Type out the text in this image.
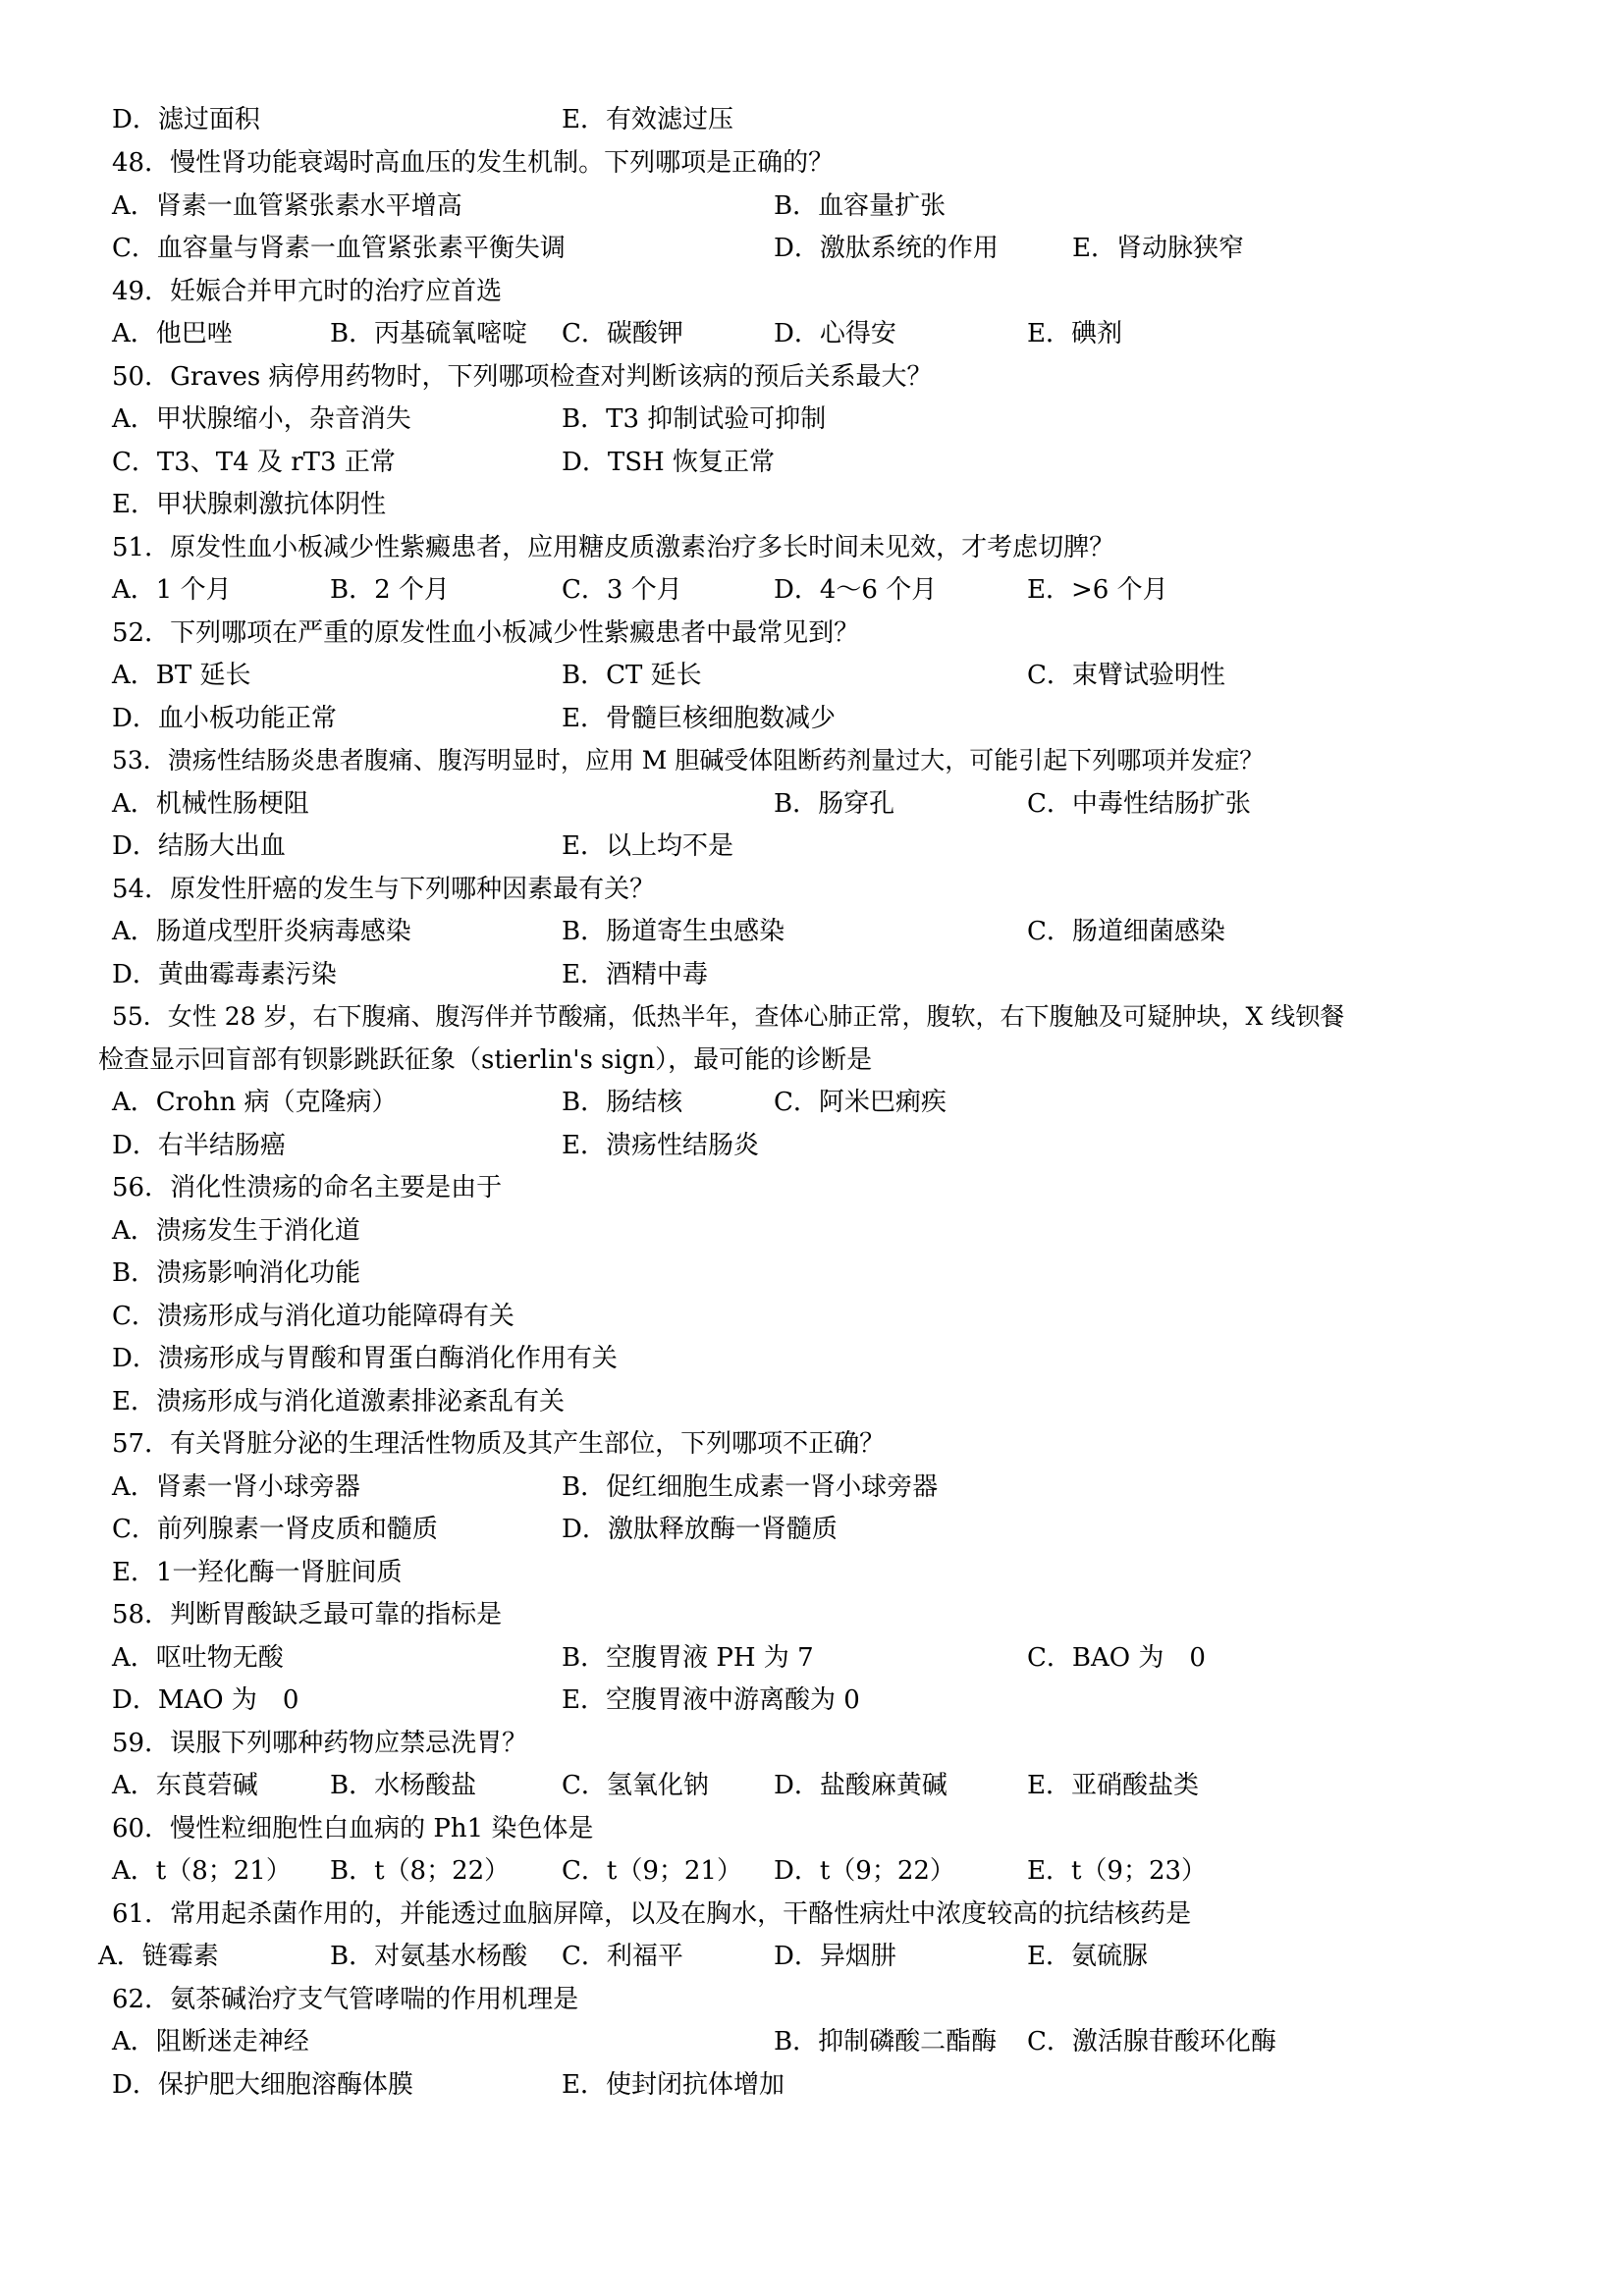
D．滤过面积	E．有效滤过压
48．慢性肾功能衰竭时高血压的发生机制。下列哪项是正确的？
A．肾素一血管紧张素水平增高	B．血容量扩张
C．血容量与肾素一血管紧张素平衡失调	D．激肽系统的作用	E．肾动脉狭窄
49．妊娠合并甲亢时的治疗应首选
A．他巴唑	B．丙基硫氧嘧啶 C．碳酸钾	D．心得安	E．碘剂
50．Graves 病停用药物时，下列哪项检查对判断该病的预后关系最大？
A．甲状腺缩小，杂音消失	B．T3 抑制试验可抑制
C．T3、T4 及 rT3 正常	D．TSH 恢复正常
E．甲状腺刺激抗体阴性
51．原发性血小板减少性紫癜患者，应用糖皮质激素治疗多长时间未见效，才考虑切脾？
A．1 个月	B．2 个月	C．3 个月	D．4～6 个月	E．>6 个月
52．下列哪项在严重的原发性血小板减少性紫癜患者中最常见到？
A．BT 延长	B．CT 延长	C．束臂试验明性
D．血小板功能正常	E．骨髓巨核细胞数减少
53．溃疡性结肠炎患者腹痛、腹泻明显时，应用 M 胆碱受体阻断药剂量过大，可能引起下列哪项并发症？
A．机械性肠梗阻	B．肠穿孔	C．中毒性结肠扩张
D．结肠大出血	E．以上均不是
54．原发性肝癌的发生与下列哪种因素最有关？
A．肠道戌型肝炎病毒感染	B．肠道寄生虫感染	C．肠道细菌感染
D．黄曲霉毒素污染	E．酒精中毒
55．女性 28 岁，右下腹痛、腹泻伴并节酸痛，低热半年，查体心肺正常，腹软，右下腹触及可疑肿块，X 线钡餐
检查显示回盲部有钡影跳跃征象（stierlin's sign），最可能的诊断是
A．Crohn 病（克隆病）	B．肠结核	C．阿米巴痢疾
D．右半结肠癌	E．溃疡性结肠炎
56．消化性溃疡的命名主要是由于
A．溃疡发生于消化道
B．溃疡影响消化功能
C．溃疡形成与消化道功能障碍有关
D．溃疡形成与胃酸和胃蛋白酶消化作用有关
E．溃疡形成与消化道激素排泌紊乱有关
57．有关肾脏分泌的生理活性物质及其产生部位，下列哪项不正确？
A．肾素一肾小球旁器	B．促红细胞生成素一肾小球旁器
C．前列腺素一肾皮质和髓质	D．激肽释放酶一肾髓质
E．1一羟化酶一肾脏间质
58．判断胃酸缺乏最可靠的指标是
A．呕吐物无酸	B．空腹胃液 PH 为 7	C．BAO 为　0
D．MAO 为　0	E．空腹胃液中游离酸为 0
59．误服下列哪种药物应禁忌洗胃？
A．东莨菪碱	B．水杨酸盐	C．氢氧化钠	D．盐酸麻黄碱	E．亚硝酸盐类
60．慢性粒细胞性白血病的 Ph1 染色体是
A．t（8；21） B．t（8；22） C．t（9；21） D．t（9；22）	E．t（9；23）
61．常用起杀菌作用的，并能透过血脑屏障，以及在胸水，干酪性病灶中浓度较高的抗结核药是
A．链霉素	B．对氨基水杨酸 C．利福平	D．异烟肼	E．氨硫脲
62．氨茶碱治疗支气管哮喘的作用机理是
A．阻断迷走神经	B．抑制磷酸二酯酶 C．激活腺苷酸环化酶
D．保护肥大细胞溶酶体膜	E．使封闭抗体增加
